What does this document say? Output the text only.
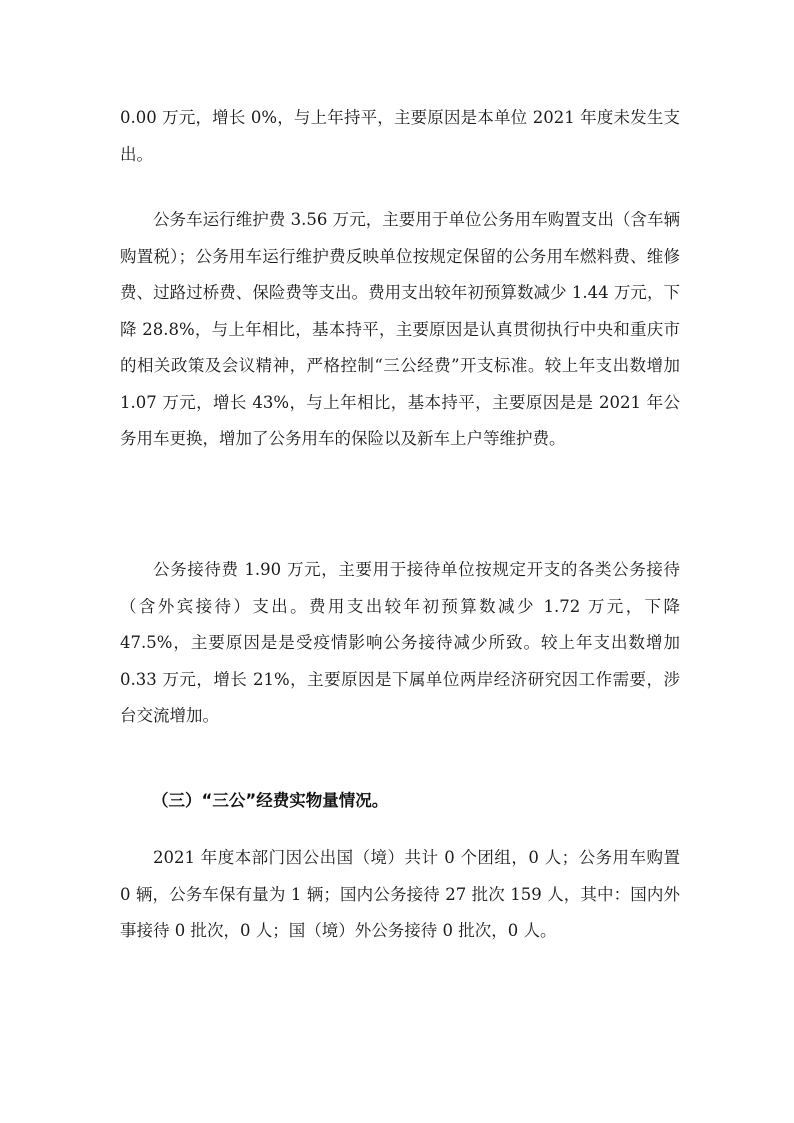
0.00 万元，增长 0%，与上年持平，主要原因是本单位 2021 年度未发生支出。

公务车运行维护费 3.56 万元，主要用于单位公务用车购置支出（含车辆购置税）；公务用车运行维护费反映单位按规定保留的公务用车燃料费、维修费、过路过桥费、保险费等支出。费用支出较年初预算数减少 1.44 万元，下降 28.8%，与上年相比，基本持平，主要原因是认真贯彻执行中央和重庆市的相关政策及会议精神，严格控制“三公经费”开支标准。较上年支出数增加 1.07 万元，增长 43%，与上年相比，基本持平，主要原因是是 2021 年公务用车更换，增加了公务用车的保险以及新车上户等维护费。

公务接待费 1.90 万元，主要用于接待单位按规定开支的各类公务接待（含外宾接待）支出。费用支出较年初预算数减少 1.72 万元，下降 47.5%，主要原因是是受疫情影响公务接待减少所致。较上年支出数增加 0.33 万元，增长 21%，主要原因是下属单位两岸经济研究因工作需要，涉台交流增加。

（三）“三公”经费实物量情况。

2021 年度本部门因公出国（境）共计 0 个团组，0 人；公务用车购置 0 辆，公务车保有量为 1 辆；国内公务接待 27 批次 159 人，其中：国内外事接待 0 批次，0 人；国（境）外公务接待 0 批次，0 人。
